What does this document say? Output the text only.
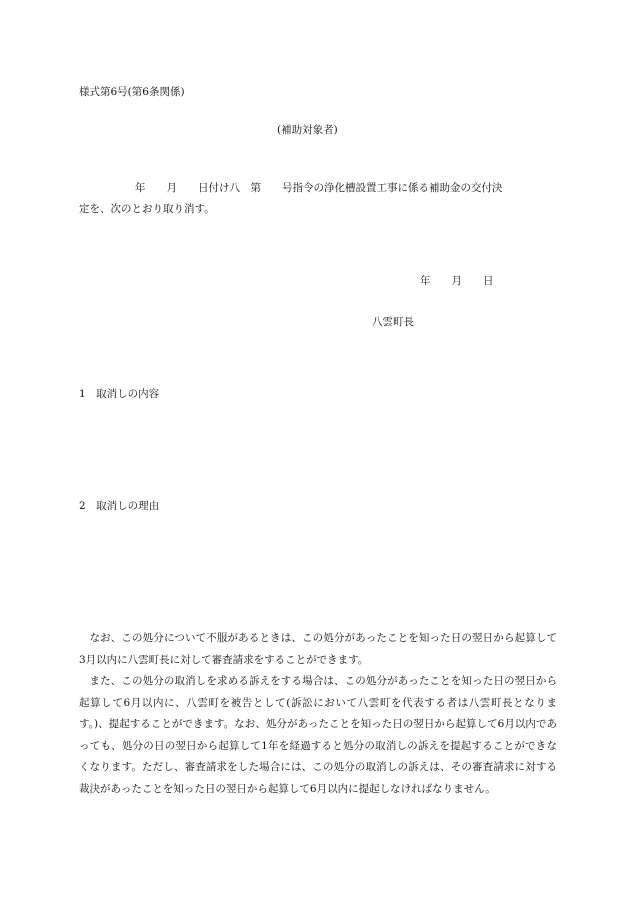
様式第6号(第6条関係)
(補助対象者)
年　　月　　日付け八　第　　号指令の浄化槽設置工事に係る補助金の交付決
定を、次のとおり取り消す。
年　　月　　日
八雲町長
1　取消しの内容
2　取消しの理由

なお、この処分について不服があるときは、この処分があったことを知った日の翌日から起算して3月以内に八雲町長に対して審査請求をすることができます。

また、この処分の取消しを求める訴えをする場合は、この処分があったことを知った日の翌日から起算して6月以内に、八雲町を被告として(訴訟において八雲町を代表する者は八雲町長となります。)、提起することができます。なお、処分があったことを知った日の翌日から起算して6月以内であっても、処分の日の翌日から起算して1年を経過すると処分の取消しの訴えを提起することができなくなります。ただし、審査請求をした場合には、この処分の取消しの訴えは、その審査請求に対する裁決があったことを知った日の翌日から起算して6月以内に提起しなければなりません。
